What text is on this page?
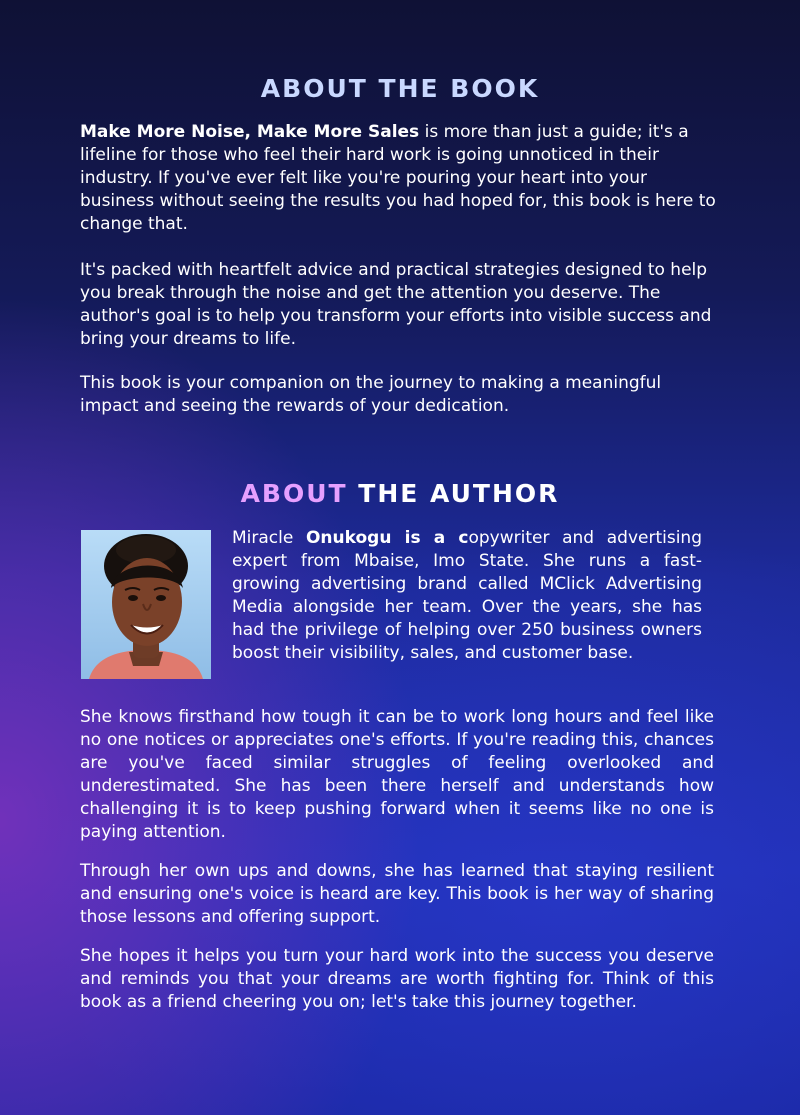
ABOUT THE BOOK

Make More Noise, Make More Sales is more than just a guide; it's a lifeline for those who feel their hard work is going unnoticed in their industry. If you've ever felt like you're pouring your heart into your business without seeing the results you had hoped for, this book is here to change that.

It's packed with heartfelt advice and practical strategies designed to help you break through the noise and get the attention you deserve. The author's goal is to help you transform your efforts into visible success and bring your dreams to life.

This book is your companion on the journey to making a meaningful impact and seeing the rewards of your dedication.

ABOUT THE AUTHOR

Miracle Onukogu is a copywriter and advertising expert from Mbaise, Imo State. She runs a fast-growing advertising brand called MClick Advertising Media alongside her team. Over the years, she has had the privilege of helping over 250 business owners boost their visibility, sales, and customer base.

She knows firsthand how tough it can be to work long hours and feel like no one notices or appreciates one's efforts. If you're reading this, chances are you've faced similar struggles of feeling overlooked and underestimated. She has been there herself and understands how challenging it is to keep pushing forward when it seems like no one is paying attention.

Through her own ups and downs, she has learned that staying resilient and ensuring one's voice is heard are key. This book is her way of sharing those lessons and offering support.

She hopes it helps you turn your hard work into the success you deserve and reminds you that your dreams are worth fighting for. Think of this book as a friend cheering you on; let's take this journey together.
